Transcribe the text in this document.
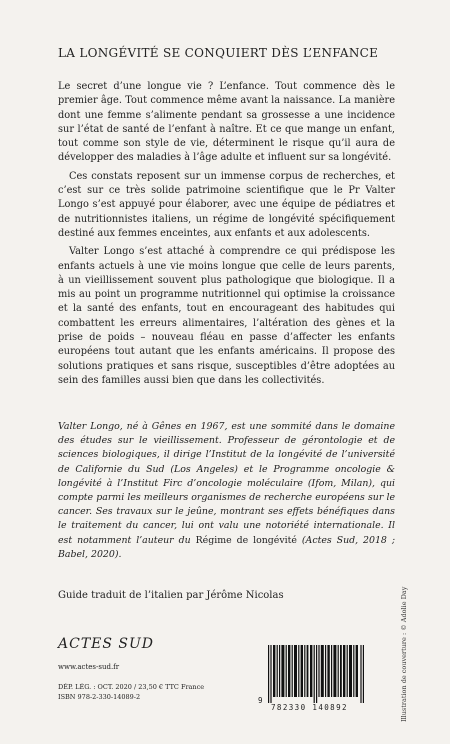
LA LONGÉVITÉ SE CONQUIERT DÈS L’ENFANCE

Le secret d’une longue vie ? L’enfance. Tout commence dès le premier âge. Tout commence même avant la naissance. La manière dont une femme s’alimente pendant sa grossesse a une incidence sur l’état de santé de l’enfant à naître. Et ce que mange un enfant, tout comme son style de vie, déterminent le risque qu’il aura de développer des maladies à l’âge adulte et influent sur sa longévité.

Ces constats reposent sur un immense corpus de recherches, et c’est sur ce très solide patrimoine scientifique que le Pr Valter Longo s’est appuyé pour élaborer, avec une équipe de pédiatres et de nutritionnistes italiens, un régime de longévité spécifiquement destiné aux femmes enceintes, aux enfants et aux adolescents.

Valter Longo s’est attaché à comprendre ce qui prédispose les enfants actuels à une vie moins longue que celle de leurs parents, à un vieillissement souvent plus pathologique que biologique. Il a mis au point un programme nutritionnel qui optimise la croissance et la santé des enfants, tout en encourageant des habitudes qui combattent les erreurs alimentaires, l’altération des gènes et la prise de poids – nouveau fléau en passe d’affecter les enfants européens tout autant que les enfants américains. Il propose des solutions pratiques et sans risque, susceptibles d’être adoptées au sein des familles aussi bien que dans les collectivités.

Valter Longo, né à Gênes en 1967, est une sommité dans le domaine des études sur le vieillissement. Professeur de gérontologie et de sciences biologiques, il dirige l’Institut de la longévité de l’université de Californie du Sud (Los Angeles) et le Programme oncologie & longévité à l’Institut Firc d’oncologie moléculaire (Ifom, Milan), qui compte parmi les meilleurs organismes de recherche européens sur le cancer. Ses travaux sur le jeûne, montrant ses effets bénéfiques dans le traitement du cancer, lui ont valu une notoriété internationale. Il est notamment l’auteur du Régime de longévité (Actes Sud, 2018 ; Babel, 2020).

Guide traduit de l’italien par Jérôme Nicolas

ACTES SUD

www.actes-sud.fr

DÉP. LÉG. : OCT. 2020 / 23,50 € TTC France
ISBN 978-2-330-14089-2	9
782330 140892	Illustration de couverture : © Adolie Day
